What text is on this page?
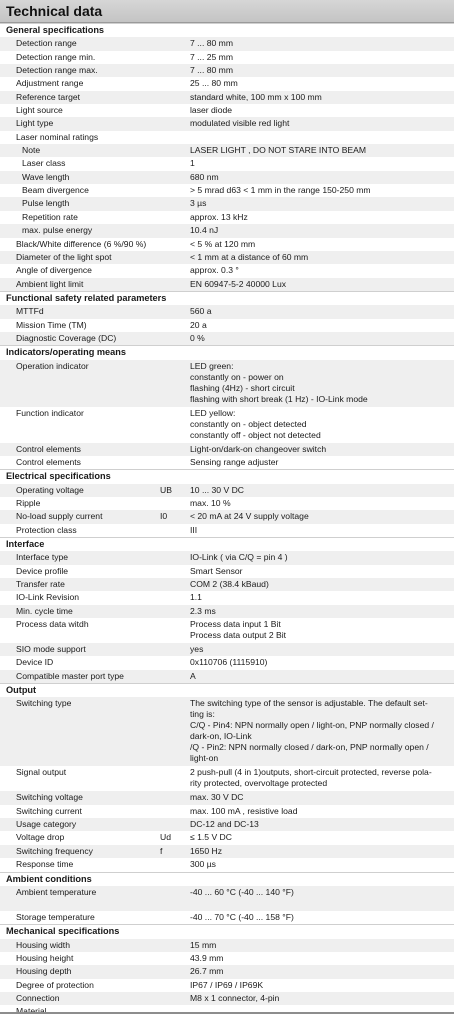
Technical data
General specifications
Detection range	7 ... 80 mm
Detection range min.	7 ... 25 mm
Detection range max.	7 ... 80 mm
Adjustment range	25 ... 80 mm
Reference target	standard white, 100 mm x 100 mm
Light source	laser diode
Light type	modulated visible red light
Laser nominal ratings
Note	LASER LIGHT , DO NOT STARE INTO BEAM
Laser class	1
Wave length	680 nm
Beam divergence	> 5 mrad d63 < 1 mm in the range 150-250 mm
Pulse length	3 µs
Repetition rate	approx. 13 kHz
max. pulse energy	10.4 nJ
Black/White difference (6 %/90 %)	< 5 % at 120 mm
Diameter of the light spot	< 1 mm at a distance of 60 mm
Angle of divergence	approx. 0.3 °
Ambient light limit	EN 60947-5-2 40000 Lux
Functional safety related parameters
MTTFd	560 a
Mission Time (TM)	20 a
Diagnostic Coverage (DC)	0 %
Indicators/operating means
Operation indicator	LED green:
constantly on - power on
flashing (4Hz) - short circuit
flashing with short break (1 Hz) - IO-Link mode
Function indicator	LED yellow:
constantly on - object detected
constantly off - object not detected
Control elements	Light-on/dark-on changeover switch
Control elements	Sensing range adjuster
Electrical specifications
Operating voltage	UB 10 ... 30 V DC
Ripple	max. 10 %
No-load supply current	I0	< 20 mA at 24 V supply voltage
Protection class	III
Interface
Interface type	IO-Link ( via C/Q = pin 4 )
Device profile	Smart Sensor
Transfer rate	COM 2 (38.4 kBaud)
IO-Link Revision	1.1
Min. cycle time	2.3 ms
Process data witdh	Process data input 1 Bit
Process data output 2 Bit
SIO mode support	yes
Device ID	0x110706 (1115910)
Compatible master port type	A
Output
Switching type	The switching type of the sensor is adjustable. The default set-
ting is:
C/Q - Pin4: NPN normally open / light-on, PNP normally closed /
dark-on, IO-Link
/Q - Pin2: NPN normally closed / dark-on, PNP normally open /
light-on
Signal output	2 push-pull (4 in 1)outputs, short-circuit protected, reverse pola-
rity protected, overvoltage protected
Switching voltage	max. 30 V DC
Switching current	max. 100 mA , resistive load
Usage category	DC-12 and DC-13
Voltage drop	Ud ≤ 1.5 V DC
Switching frequency	f	1650 Hz
Response time	300 µs
Ambient conditions
Ambient temperature	-40 ... 60 °C (-40 ... 140 °F)
Storage temperature	-40 ... 70 °C (-40 ... 158 °F)
Mechanical specifications
Housing width	15 mm
Housing height	43.9 mm
Housing depth	26.7 mm
Degree of protection	IP67 / IP69 / IP69K
Connection	M8 x 1 connector, 4-pin
